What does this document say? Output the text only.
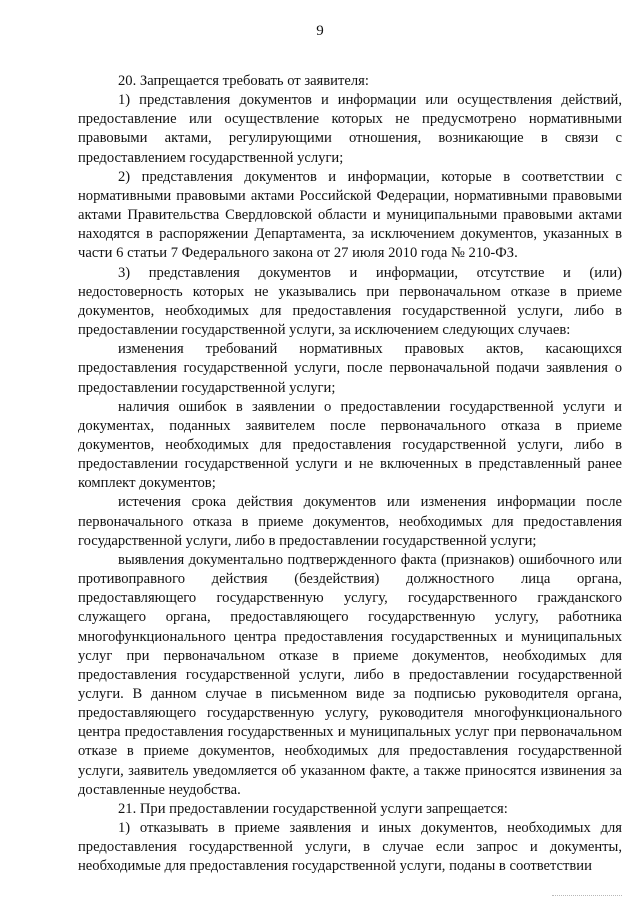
9

20. Запрещается требовать от заявителя:

1) представления документов и информации или осуществления действий, предоставление или осуществление которых не предусмотрено нормативными правовыми актами, регулирующими отношения, возникающие в связи с предоставлением государственной услуги;

2) представления документов и информации, которые в соответствии с нормативными правовыми актами Российской Федерации, нормативными правовыми актами Правительства Свердловской области и муниципальными правовыми актами находятся в распоряжении Департамента, за исключением документов, указанных в части 6 статьи 7 Федерального закона от 27 июля 2010 года № 210-ФЗ.

3) представления документов и информации, отсутствие и (или) недостоверность которых не указывались при первоначальном отказе в приеме документов, необходимых для предоставления государственной услуги, либо в предоставлении государственной услуги, за исключением следующих случаев:

изменения требований нормативных правовых актов, касающихся предоставления государственной услуги, после первоначальной подачи заявления о предоставлении государственной услуги;

наличия ошибок в заявлении о предоставлении государственной услуги и документах, поданных заявителем после первоначального отказа в приеме документов, необходимых для предоставления государственной услуги, либо в предоставлении государственной услуги и не включенных в представленный ранее комплект документов;

истечения срока действия документов или изменения информации после первоначального отказа в приеме документов, необходимых для предоставления государственной услуги, либо в предоставлении государственной услуги;

выявления документально подтвержденного факта (признаков) ошибочного или противоправного действия (бездействия) должностного лица органа, предоставляющего государственную услугу, государственного гражданского служащего органа, предоставляющего государственную услугу, работника многофункционального центра предоставления государственных и муниципальных услуг при первоначальном отказе в приеме документов, необходимых для предоставления государственной услуги, либо в предоставлении государственной услуги. В данном случае в письменном виде за подписью руководителя органа, предоставляющего государственную услугу, руководителя многофункционального центра предоставления государственных и муниципальных услуг при первоначальном отказе в приеме документов, необходимых для предоставления государственной услуги, заявитель уведомляется об указанном факте, а также приносятся извинения за доставленные неудобства.

21. При предоставлении государственной услуги запрещается:

1) отказывать в приеме заявления и иных документов, необходимых для предоставления государственной услуги, в случае если запрос и документы, необходимые для предоставления государственной услуги, поданы в соответствии
